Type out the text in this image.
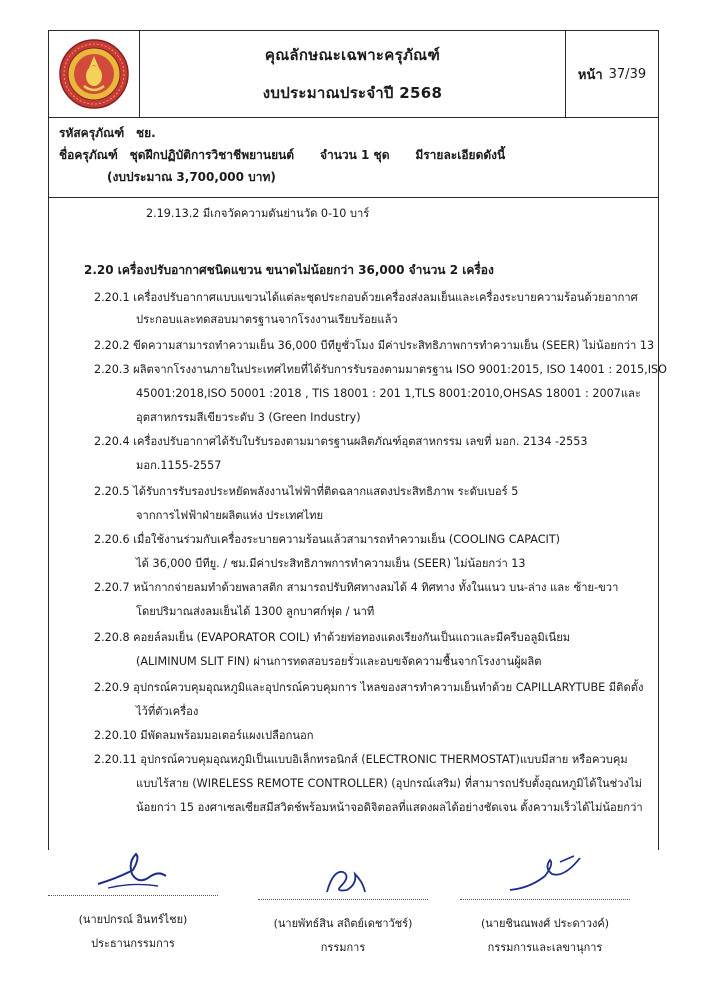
คุณลักษณะเฉพาะครุภัณฑ์
งบประมาณประจำปี 2568
หน้า 37/39
รหัสครุภัณฑ์ ชย.
ชื่อครุภัณฑ์ ชุดฝึกปฏิบัติการวิชาชีพยานยนต์ จำนวน 1 ชุด มีรายละเอียดดังนี้
(งบประมาณ 3,700,000 บาท)
2.19.13.2 มีเกจวัดความดันย่านวัด 0-10 บาร์
2.20 เครื่องปรับอากาศชนิดแขวน ขนาดไม่น้อยกว่า 36,000 จำนวน 2 เครื่อง
2.20.1 เครื่องปรับอากาศแบบแขวนได้แต่ละชุดประกอบด้วยเครื่องส่งลมเย็นและเครื่องระบายความร้อนด้วยอากาศ
ประกอบและทดสอบมาตรฐานจากโรงงานเรียบร้อยแล้ว
2.20.2 ขีดความสามารถทำความเย็น 36,000 บีทียูชั่วโมง มีค่าประสิทธิภาพการทำความเย็น (SEER) ไม่น้อยกว่า 13
2.20.3 ผลิตจากโรงงานภายในประเทศไทยที่ได้รับการรับรองตามมาตรฐาน ISO 9001:2015, ISO 14001 : 2015,ISO
45001:2018,ISO 50001 :2018 , TIS 18001 : 201 1,TLS 8001:2010,OHSAS 18001 : 2007และ
อุตสาหกรรมสีเขียวระดับ 3 (Green Industry)
2.20.4 เครื่องปรับอากาศได้รับใบรับรองตามมาตรฐานผลิตภัณฑ์อุตสาหกรรม เลขที่ มอก. 2134 -2553
มอก.1155-2557
2.20.5 ได้รับการรับรองประหยัดพลังงานไฟฟ้าที่ติดฉลากแสดงประสิทธิภาพ ระดับเบอร์ 5
จากการไฟฟ้าฝ่ายผลิตแห่ง ประเทศไทย
2.20.6 เมื่อใช้งานร่วมกับเครื่องระบายความร้อนแล้วสามารถทำความเย็น (COOLING CAPACIT)
ได้ 36,000 บีทียู. / ชม.มีค่าประสิทธิภาพการทำความเย็น (SEER) ไม่น้อยกว่า 13
2.20.7 หน้ากากจ่ายลมทำด้วยพลาสติก สามารถปรับทิศทางลมได้ 4 ทิศทาง ทั้งในแนว บน-ล่าง และ ซ้าย-ขวา
โดยปริมาณส่งลมเย็นได้ 1300 ลูกบาศก์ฟุต / นาที
2.20.8 คอยล์ลมเย็น (EVAPORATOR COIL) ทำด้วยท่อทองแดงเรียงกันเป็นแถวและมีครีบอลูมิเนียม
(ALIMINUM SLIT FIN) ผ่านการทดสอบรอยรั่วและอบขจัดความชื้นจากโรงงานผู้ผลิต
2.20.9 อุปกรณ์ควบคุมอุณหภูมิและอุปกรณ์ควบคุมการ ไหลของสารทำความเย็นทำด้วย CAPILLARYTUBE มีติดตั้ง
ไว้ที่ตัวเครื่อง
2.20.10 มีพัดลมพร้อมมอเตอร์แผงเปลือกนอก
2.20.11 อุปกรณ์ควบคุมอุณหภูมิเป็นแบบอิเล็กทรอนิกส์ (ELECTRONIC THERMOSTAT)แบบมีสาย หรือควบคุม
แบบไร้สาย (WIRELESS REMOTE CONTROLLER) (อุปกรณ์เสริม) ที่สามารถปรับตั้งอุณหภูมิได้ในช่วงไม่
น้อยกว่า 15 องศาเซลเซียสมีสวิตช์พร้อมหน้าจอดิจิตอลที่แสดงผลได้อย่างชัดเจน ตั้งความเร็วได้ไม่น้อยกว่า
(นายปกรณ์ อินทร์ไชย)
ประธานกรรมการ
(นายพัทธ์สิน สถิตย์เดชาวัชร์)
กรรมการ
(นายชินณพงศ์ ประดาวงค์)
กรรมการและเลขานุการ
